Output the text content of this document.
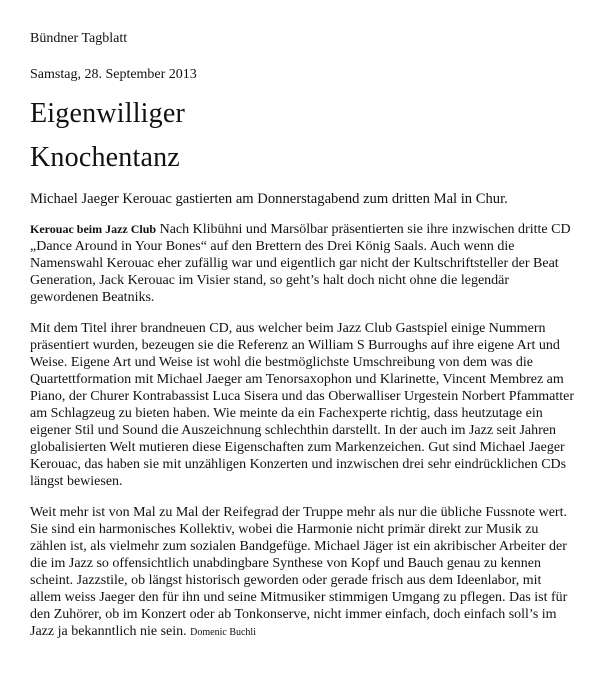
Bündner Tagblatt

Samstag, 28. September 2013

Eigenwilliger
Knochentanz

Michael Jaeger Kerouac gastierten am Donnerstagabend zum dritten Mal in Chur.

Kerouac beim Jazz Club Nach Klibühni und Marsölbar präsentierten sie ihre inzwischen dritte CD „Dance Around in Your Bones“ auf den Brettern des Drei König Saals. Auch wenn die Namenswahl Kerouac eher zufällig war und eigentlich gar nicht der Kultschriftsteller der Beat Generation, Jack Kerouac im Visier stand, so geht’s halt doch nicht ohne die legendär gewordenen Beatniks.

Mit dem Titel ihrer brandneuen CD, aus welcher beim Jazz Club Gastspiel einige Nummern präsentiert wurden, bezeugen sie die Referenz an William S Burroughs auf ihre eigene Art und Weise. Eigene Art und Weise ist wohl die bestmöglichste Umschreibung von dem was die Quartettformation mit Michael Jaeger am Tenorsaxophon und Klarinette, Vincent Membrez am Piano, der Churer Kontrabassist Luca Sisera und das Oberwalliser Urgestein Norbert Pfammatter am Schlagzeug zu bieten haben. Wie meinte da ein Fachexperte richtig, dass heutzutage ein eigener Stil und Sound die Auszeichnung schlechthin darstellt. In der auch im Jazz seit Jahren globalisierten Welt mutieren diese Eigenschaften zum Markenzeichen. Gut sind Michael Jaeger Kerouac, das haben sie mit unzähligen Konzerten und inzwischen drei sehr eindrücklichen CDs längst bewiesen.

Weit mehr ist von Mal zu Mal der Reifegrad der Truppe mehr als nur die übliche Fussnote wert. Sie sind ein harmonisches Kollektiv, wobei die Harmonie nicht primär direkt zur Musik zu zählen ist, als vielmehr zum sozialen Bandgefüge. Michael Jäger ist ein akribischer Arbeiter der die im Jazz so offensichtlich unabdingbare Synthese von Kopf und Bauch genau zu kennen scheint. Jazzstile, ob längst historisch geworden oder gerade frisch aus dem Ideenlabor, mit allem weiss Jaeger den für ihn und seine Mitmusiker stimmigen Umgang zu pflegen. Das ist für den Zuhörer, ob im Konzert oder ab Tonkonserve, nicht immer einfach, doch einfach soll’s im Jazz ja bekanntlich nie sein. Domenic Buchli
